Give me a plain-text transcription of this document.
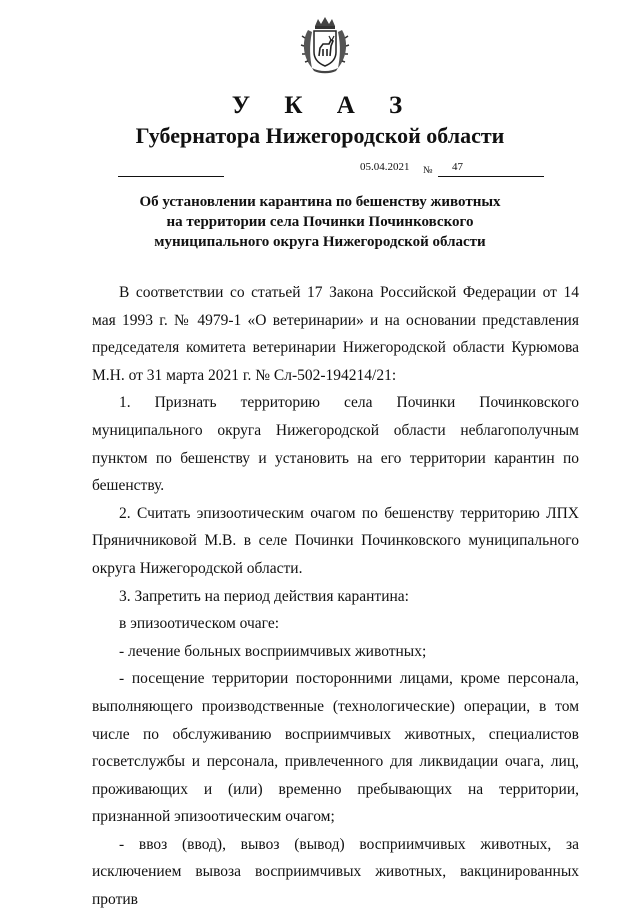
У К А З
Губернатора Нижегородской области
05.04.2021 № 47
Об установлении карантина по бешенству животных
на территории села Починки Починковского
муниципального округа Нижегородской области

В соответствии со статьей 17 Закона Российской Федерации от 14 мая 1993 г. № 4979-1 «О ветеринарии» и на основании представления председателя комитета ветеринарии Нижегородской области Курюмова М.Н. от 31 марта 2021 г. № Сл-502-194214/21:

1. Признать территорию села Починки Починковского муниципального округа Нижегородской области неблагополучным пунктом по бешенству и установить на его территории карантин по бешенству.

2. Считать эпизоотическим очагом по бешенству территорию ЛПХ Пряничниковой М.В. в селе Починки Починковского муниципального округа Нижегородской области.

3. Запретить на период действия карантина:

в эпизоотическом очаге:

- лечение больных восприимчивых животных;

- посещение территории посторонними лицами, кроме персонала, выполняющего производственные (технологические) операции, в том числе по обслуживанию восприимчивых животных, специалистов госветслужбы и персонала, привлеченного для ликвидации очага, лиц, проживающих и (или) временно пребывающих на территории, признанной эпизоотическим очагом;

- ввоз (ввод), вывоз (вывод) восприимчивых животных, за исключением вывоза восприимчивых животных, вакцинированных против
